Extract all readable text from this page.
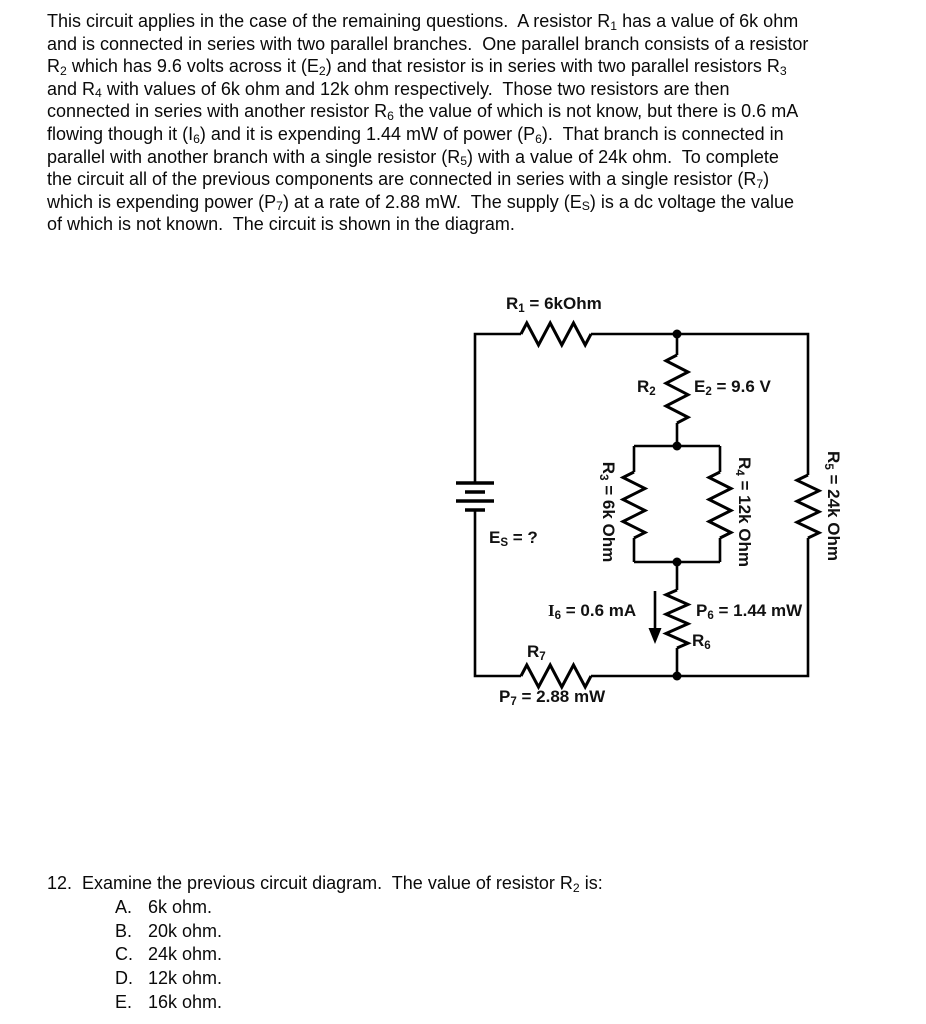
This circuit applies in the case of the remaining questions.  A resistor $R_1$ has a value of 6k ohm
and is connected in series with two parallel branches.  One parallel branch consists of a resistor
$R_2$ which has 9.6 volts across it $(E_2)$ and that resistor is in series with two parallel resistors $R_3$
and $R_4$ with values of 6k ohm and 12k ohm respectively.  Those two resistors are then
connected in series with another resistor $R_6$ the value of which is not know, but there is 0.6 mA
flowing though it $(I_6)$ and it is expending 1.44 mW of power $(P_6)$.  That branch is connected in
parallel with another branch with a single resistor $(R_5)$ with a value of 24k ohm.  To complete
the circuit all of the previous components are connected in series with a single resistor $(R_7)$
which is expending power $(P_7)$ at a rate of 2.88 mW.  The supply $(E_S)$ is a dc voltage the value
of which is not known.  The circuit is shown in the diagram.
$R_1$ = 6kOhm
$R_2$ $E_2 = 9.6$ V
$R_3 = 6k$ Ohm
$R_4 = 12k$ Ohm
$R_5 = 24k$ Ohm
$E_S$ = ?
$I_6 = 0.6$ mA	$P_6 = 1.44$ mW
$R_6$
$R_7$
$P_7 = 2.88$ mW
12. Examine the previous circuit diagram.  The value of resistor $R_2$ is:
A. 6k ohm.
B. 20k ohm.
C. 24k ohm.
D. 12k ohm.
E. 16k ohm.
